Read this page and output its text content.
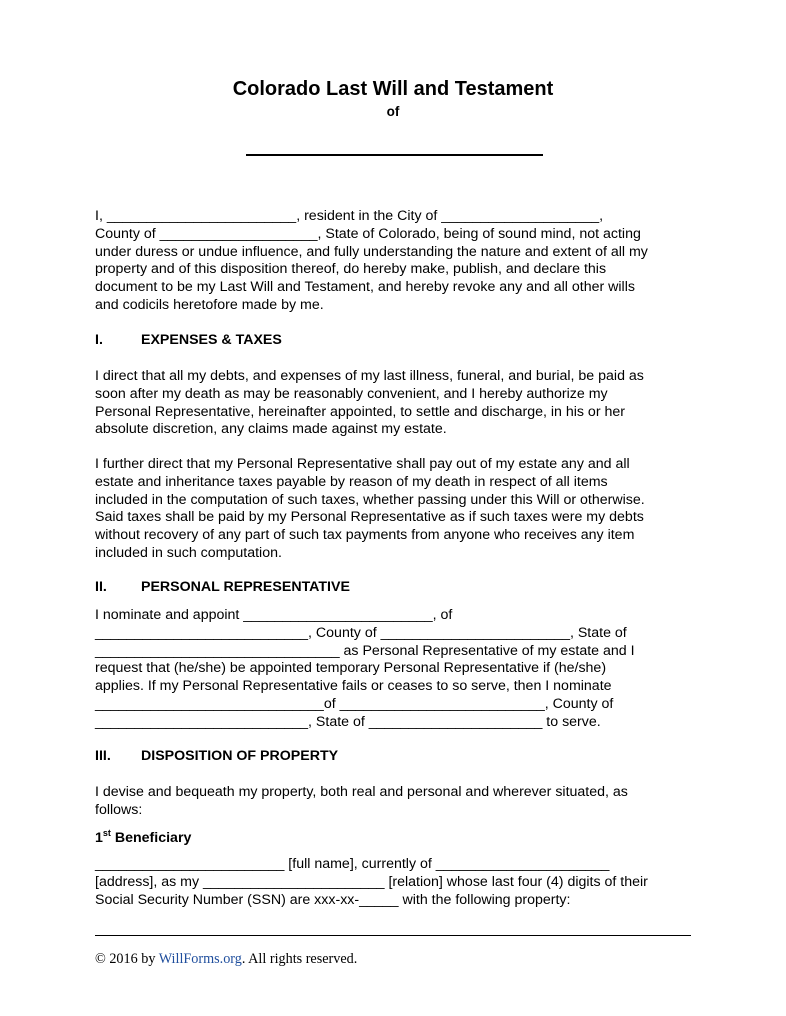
Colorado Last Will and Testament
of
I, ________________________, resident in the City of ____________________,
County of ____________________, State of Colorado, being of sound mind, not acting
under duress or undue influence, and fully understanding the nature and extent of all my
property and of this disposition thereof, do hereby make, publish, and declare this
document to be my Last Will and Testament, and hereby revoke any and all other wills
and codicils heretofore made by me.
I.	EXPENSES & TAXES
I direct that all my debts, and expenses of my last illness, funeral, and burial, be paid as
soon after my death as may be reasonably convenient, and I hereby authorize my
Personal Representative, hereinafter appointed, to settle and discharge, in his or her
absolute discretion, any claims made against my estate.
I further direct that my Personal Representative shall pay out of my estate any and all
estate and inheritance taxes payable by reason of my death in respect of all items
included in the computation of such taxes, whether passing under this Will or otherwise.
Said taxes shall be paid by my Personal Representative as if such taxes were my debts
without recovery of any part of such tax payments from anyone who receives any item
included in such computation.
II. PERSONAL REPRESENTATIVE
I nominate and appoint ________________________, of
___________________________, County of ________________________, State of
_______________________________ as Personal Representative of my estate and I
request that (he/she) be appointed temporary Personal Representative if (he/she)
applies. If my Personal Representative fails or ceases to so serve, then I nominate
_____________________________of __________________________, County of
___________________________, State of ______________________ to serve.
III. DISPOSITION OF PROPERTY
I devise and bequeath my property, both real and personal and wherever situated, as
follows:
1st Beneficiary
________________________ [full name], currently of ______________________
[address], as my _______________________ [relation] whose last four (4) digits of their
Social Security Number (SSN) are xxx-xx-_____ with the following property:
© 2016 by WillForms.org. All rights reserved.
